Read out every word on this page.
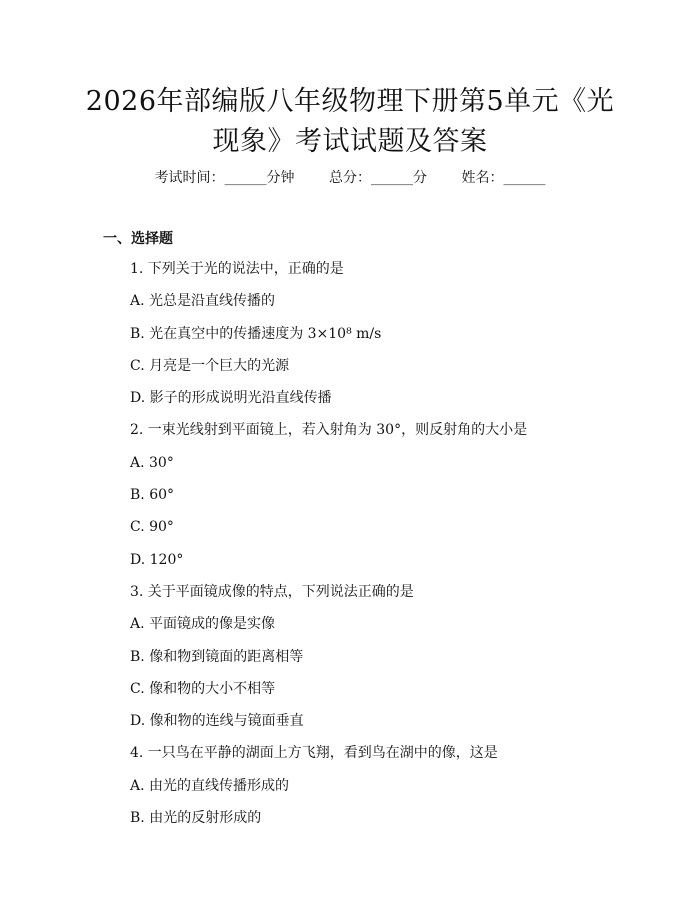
2026年部编版八年级物理下册第5单元《光
现象》考试试题及答案
考试时间：______分钟 总分：______分 姓名：______
一、选择题
1. 下列关于光的说法中，正确的是
A. 光总是沿直线传播的
B. 光在真空中的传播速度为 3×10⁸ m/s
C. 月亮是一个巨大的光源
D. 影子的形成说明光沿直线传播
2. 一束光线射到平面镜上，若入射角为 30°，则反射角的大小是
A. 30°
B. 60°
C. 90°
D. 120°
3. 关于平面镜成像的特点，下列说法正确的是
A. 平面镜成的像是实像
B. 像和物到镜面的距离相等
C. 像和物的大小不相等
D. 像和物的连线与镜面垂直
4. 一只鸟在平静的湖面上方飞翔，看到鸟在湖中的像，这是
A. 由光的直线传播形成的
B. 由光的反射形成的
